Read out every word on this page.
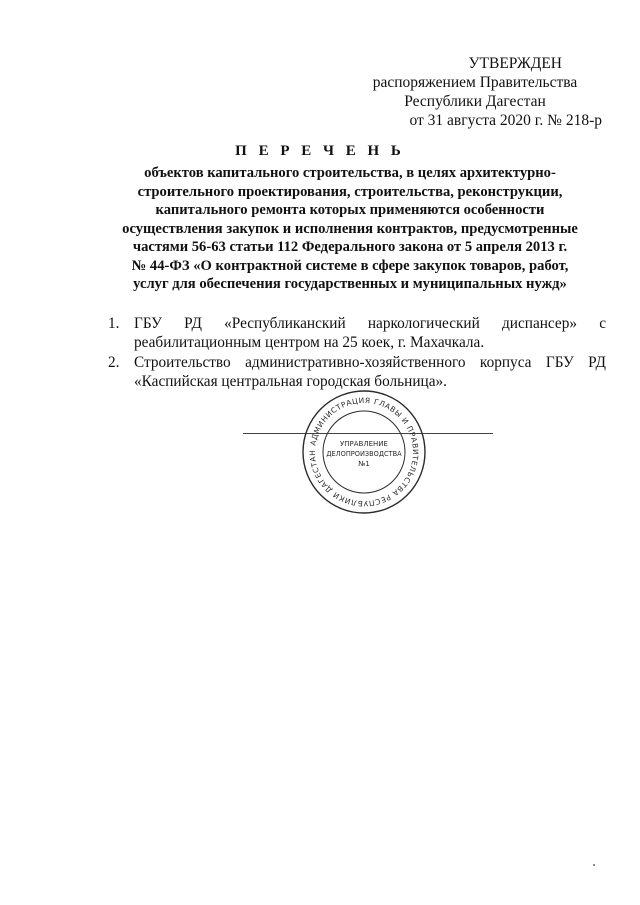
УТВЕРЖДЕН
распоряжением Правительства
Республики Дагестан
от 31 августа 2020 г. № 218-р
П Е Р Е Ч Е Н Ь
объектов капитального строительства, в целях архитектурно-
строительного проектирования, строительства, реконструкции,
капитального ремонта которых применяются особенности
осуществления закупок и исполнения контрактов, предусмотренные
частями 56-63 статьи 112 Федерального закона от 5 апреля 2013 г.
№ 44-ФЗ «О контрактной системе в сфере закупок товаров, работ,
услуг для обеспечения государственных и муниципальных нужд»
1. ГБУ РД «Республиканский наркологический диспансер» с
реабилитационным центром на 25 коек, г. Махачкала.
2. Строительство административно-хозяйственного корпуса ГБУ РД
«Каспийская центральная городская больница».
АДМИНИСТРАЦИЯ ГЛАВЫ И ПРАВИТЕЛЬСТВА РЕСПУБЛИКИ ДАГЕСТАН
УПРАВЛЕНИЕ
ДЕЛОПРОИЗВОДСТВА
№1
